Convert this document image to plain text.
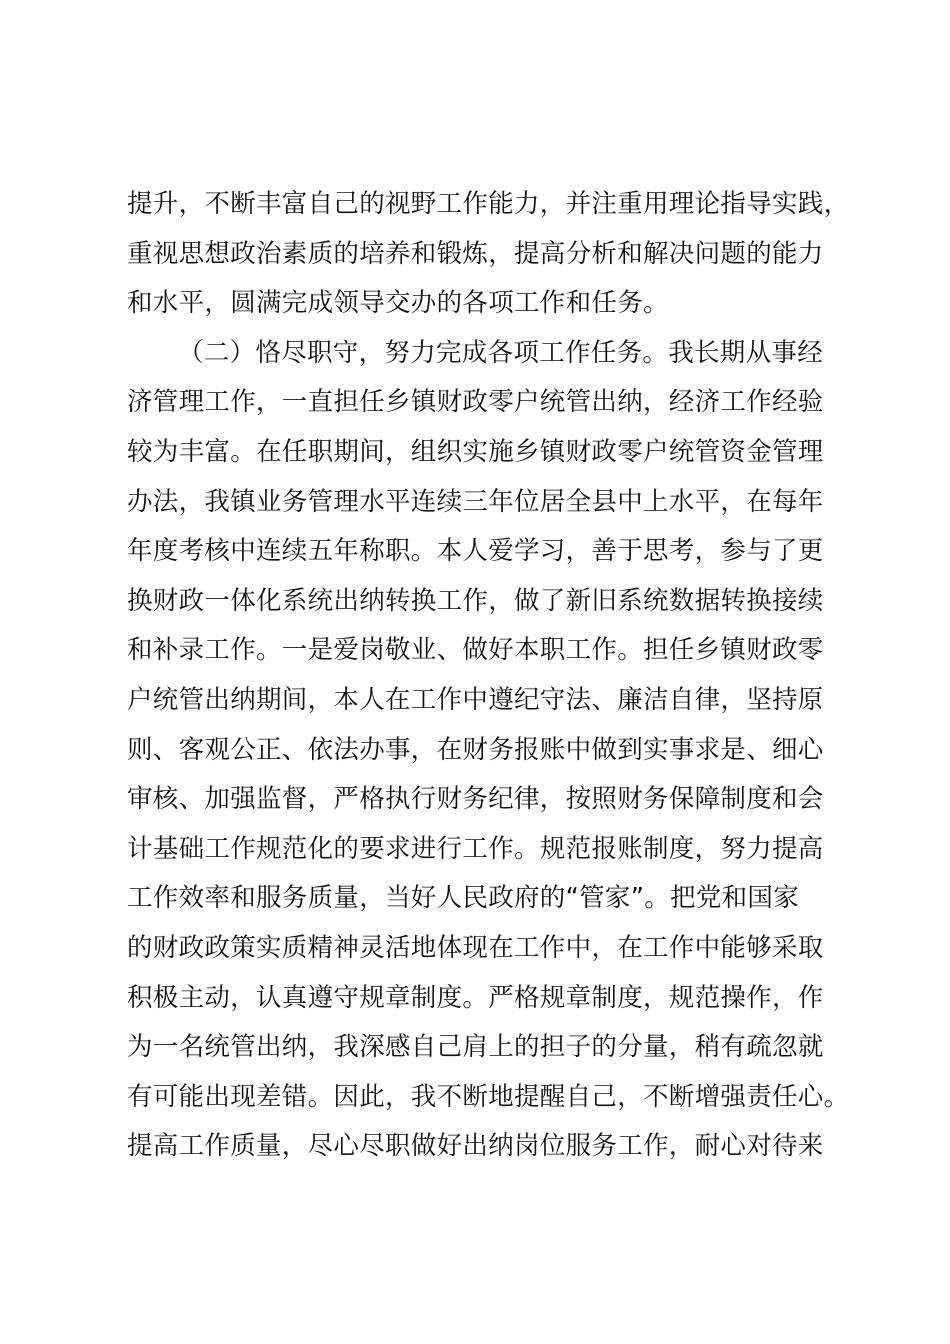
提升，不断丰富自己的视野工作能力，并注重用理论指导实践，
重视思想政治素质的培养和锻炼，提高分析和解决问题的能力
和水平，圆满完成领导交办的各项工作和任务。
（二）恪尽职守，努力完成各项工作任务。我长期从事经
济管理工作，一直担任乡镇财政零户统管出纳，经济工作经验
较为丰富。在任职期间，组织实施乡镇财政零户统管资金管理
办法，我镇业务管理水平连续三年位居全县中上水平，在每年
年度考核中连续五年称职。本人爱学习，善于思考，参与了更
换财政一体化系统出纳转换工作，做了新旧系统数据转换接续
和补录工作。一是爱岗敬业、做好本职工作。担任乡镇财政零
户统管出纳期间，本人在工作中遵纪守法、廉洁自律，坚持原
则、客观公正、依法办事，在财务报账中做到实事求是、细心
审核、加强监督，严格执行财务纪律，按照财务保障制度和会
计基础工作规范化的要求进行工作。规范报账制度，努力提高
工作效率和服务质量，当好人民政府的“管家”。把党和国家
的财政政策实质精神灵活地体现在工作中，在工作中能够采取
积极主动，认真遵守规章制度。严格规章制度，规范操作，作
为一名统管出纳，我深感自己肩上的担子的分量，稍有疏忽就
有可能出现差错。因此，我不断地提醒自己，不断增强责任心。
提高工作质量，尽心尽职做好出纳岗位服务工作，耐心对待来
